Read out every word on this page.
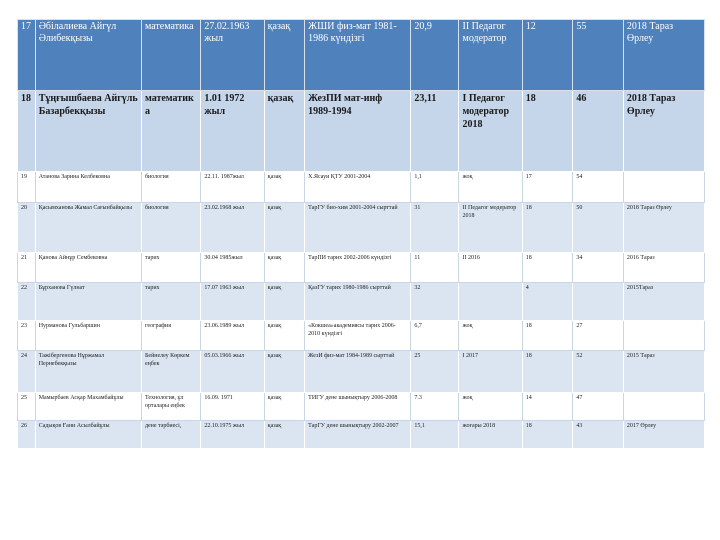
17	Әбілалиева Айгүл Әлибекқызы	математика	27.02.1963 жыл	қазақ	ЖШИ физ-мат 1981-1986 күндізгі	20,9	ІІ Педагог модератор	12	55	2018 Тараз Өрлеу
18	Тұңғышбаева Айгүль Базарбекқызы	математика	1.01 1972 жыл	қазақ	ЖезПИ мат-инф 1989-1994	23,11	І Педагог модератор 2018	18	46	2018 Тараз Өрлеу
19	Атанова Зарина Келбековна	биология	22.11. 1987жыл	қазақ	Х.Ясауи ҚТУ 2001-2004	1,1	жоқ	17	54	
20	Қасымханова Жамал Сағынбайқызы	биология	23.02.1968 жыл	қазақ	ТарГУ био-хим 2001-2004 сырттай	31	ІІ Педагог модератор 2018	18	50	2018 Тараз Өрлеу
21	Қанова Айнұр Сембековна	тарих	30.04 1985жыл	қазақ	ТарПИ тарих 2002-2006 күндізгі	11	ІІ 2016	18	34	2016 Тараз
22	Бұрханова Гүлнат	тарих	17.07 1963 жыл	қазақ	ҚазГУ тарих 1980-1986 сырттай	32		4		2015Тараз
23	Нурманова Гульбаршин	география	23.06.1989 жыл	қазақ	«Кокшеа»академиясы тарих 2006-2010 күндізгі	6,7	жоқ	18	27	
24	Тажібергенова Нұржамал Пернебекқызы	Бейнелеу Көркем еңбек	05.03.1966 жыл	қазақ	ЖезИ физ-мат 1984-1989 сырттай	25	І 2017	18	52	2015 Тараз
25	Мамырбаев Асқар Махамбайұлы	Технология, ұл орталары еңбек	16.09. 1971	қазақ	ТИГУ дене шынықтыру 2006-2008	7.3	жоқ	14	47	
26	Садықов Ғани Асылбайұлы	дене тәрбиесі,	22.10.1975 жыл	қазақ	ТарГУ дене шынықтыру 2002-2007	15,1	жоғары 2018	18	43	2017 Өрлеу
